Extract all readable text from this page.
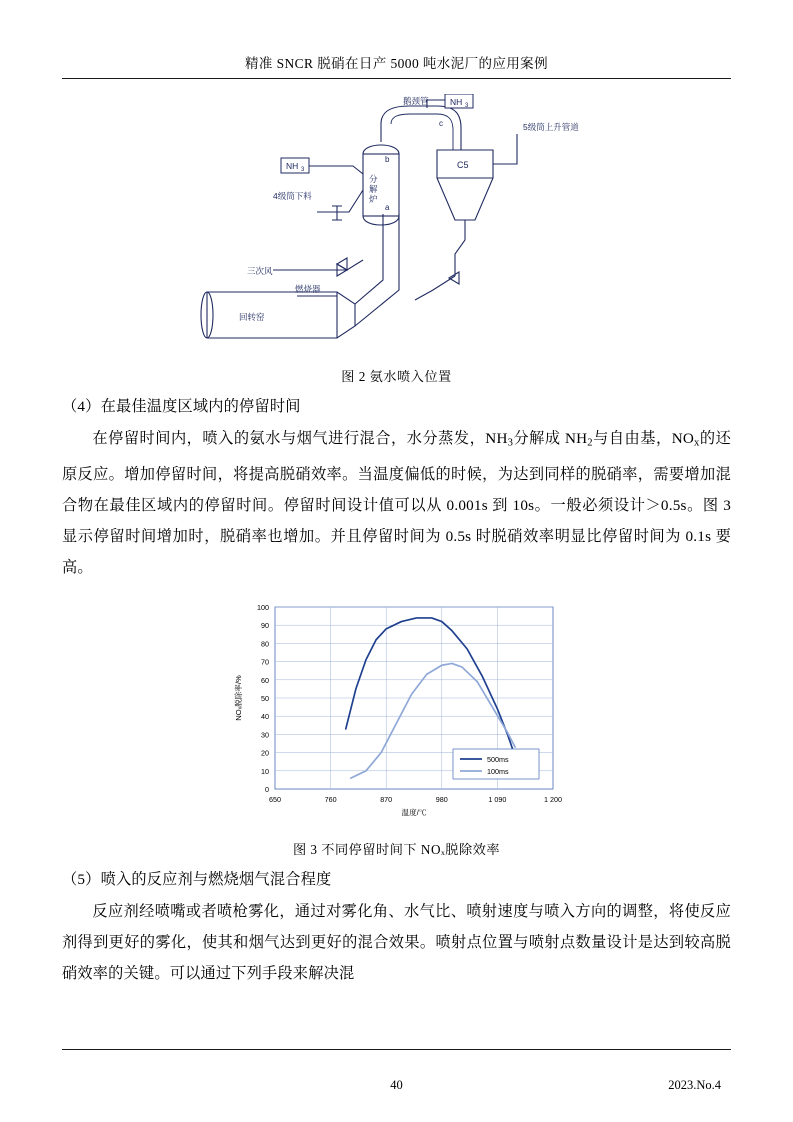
精准 SNCR 脱硝在日产 5000 吨水泥厂的应用案例
NH 3
NH 3
鹅颈管
5级筒上升管道
C5
4级筒下料
分
解
炉
三次风
燃烧器
回转窑
a
b
c
图 2 氨水喷入位置

（4）在最佳温度区域内的停留时间

在停留时间内，喷入的氨水与烟气进行混合，水分蒸发，$NH_3$分解成 $NH_2$与自由基，$NO_x$的还原反应。增加停留时间，将提高脱硝效率。当温度偏低的时候，为达到同样的脱硝率，需要增加混合物在最佳区域内的停留时间。停留时间设计值可以从 0.001s 到 10s。一般必须设计＞0.5s。图 3 显示停留时间增加时，脱硝率也增加。并且停留时间为 0.5s 时脱硝效率明显比停留时间为 0.1s 要高。

0
10
20
30
40
50
60
70
80
90
100
650	760	870	980	1 090	1 200
温度/℃
NOₓ脱除率/%
500ms
100ms
图 3 不同停留时间下 NOₓ脱除效率

（5）喷入的反应剂与燃烧烟气混合程度

反应剂经喷嘴或者喷枪雾化，通过对雾化角、水气比、喷射速度与喷入方向的调整，将使反应剂得到更好的雾化，使其和烟气达到更好的混合效果。喷射点位置与喷射点数量设计是达到较高脱硝效率的关键。可以通过下列手段来解决混

40	2023.No.4
